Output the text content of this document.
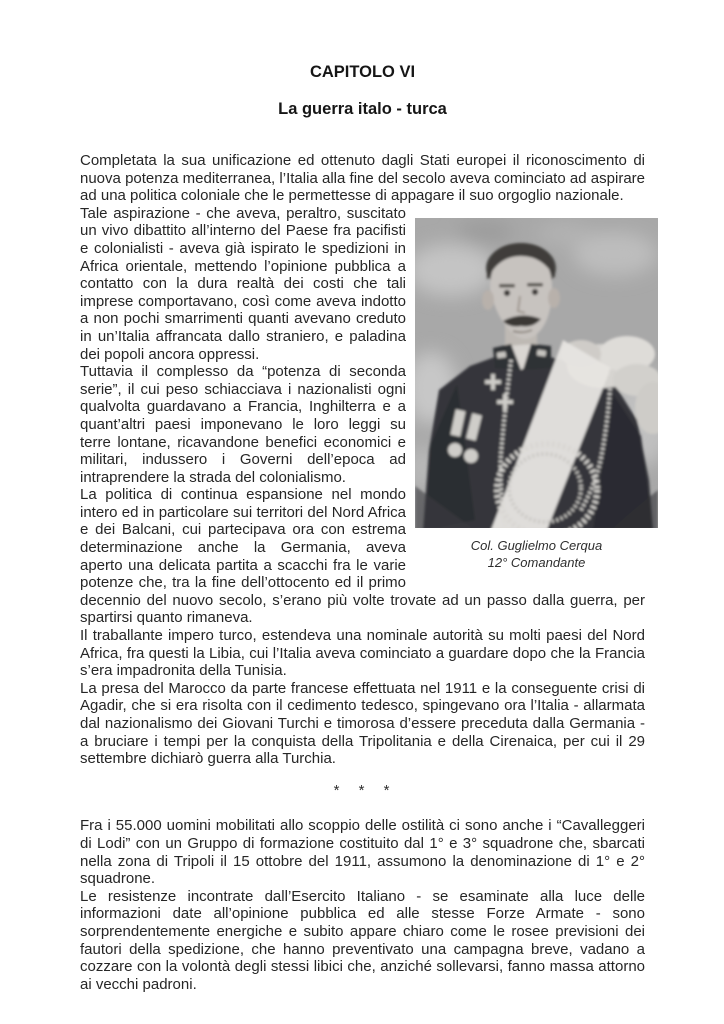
CAPITOLO VI
La guerra italo - turca

Completata la sua unificazione ed ottenuto dagli Stati europei il riconoscimento di nuova potenza mediterranea, l’Italia alla fine del secolo aveva cominciato ad aspirare ad una politica coloniale che le permettesse di appagare il suo orgoglio nazionale.

Col. Guglielmo Cerqua
12° Comandante

Tale aspirazione - che aveva, peraltro, suscitato un vivo dibattito all’interno del Paese fra pacifisti e colonialisti - aveva già ispirato le spedizioni in Africa orientale, mettendo l’opinione pubblica a contatto con la dura realtà dei costi che tali imprese comportavano, così come aveva indotto a non pochi smarrimenti quanti avevano creduto in un’Italia affrancata dallo straniero, e paladina dei popoli ancora oppressi.

Tuttavia il complesso da “potenza di seconda serie”, il cui peso schiacciava i nazionalisti ogni qualvolta guardavano a Francia, Inghilterra e a quant’altri paesi imponevano le loro leggi su terre lontane, ricavandone benefici economici e militari, indussero i Governi dell’epoca ad intraprendere la strada del colonialismo.

La politica di continua espansione nel mondo intero ed in particolare sui territori del Nord Africa e dei Balcani, cui partecipava ora con estrema determinazione anche la Germania, aveva aperto una delicata partita a scacchi fra le varie potenze che, tra la fine dell’ottocento ed il primo decennio del nuovo secolo, s’erano più volte trovate ad un passo dalla guerra, per spartirsi quanto rimaneva.

Il traballante impero turco, estendeva una nominale autorità su molti paesi del Nord Africa, fra questi la Libia, cui l’Italia aveva cominciato a guardare dopo che la Francia s’era impadronita della Tunisia.

La presa del Marocco da parte francese effettuata nel 1911 e la conseguente crisi di Agadir, che si era risolta con il cedimento tedesco, spingevano ora l’Italia - allarmata dal nazionalismo dei Giovani Turchi e timorosa d’essere preceduta dalla Germania - a bruciare i tempi per la conquista della Tripolitania e della Cirenaica, per cui il 29 settembre dichiarò guerra alla Turchia.

* * *

Fra i 55.000 uomini mobilitati allo scoppio delle ostilità ci sono anche i “Cavalleggeri di Lodi” con un Gruppo di formazione costituito dal 1° e 3° squadrone che, sbarcati nella zona di Tripoli il 15 ottobre del 1911, assumono la denominazione di 1° e 2° squadrone.

Le resistenze incontrate dall’Esercito Italiano - se esaminate alla luce delle informazioni date all’opinione pubblica ed alle stesse Forze Armate - sono sorprendentemente energiche e subito appare chiaro come le rosee previsioni dei fautori della spedizione, che hanno preventivato una campagna breve, vadano a cozzare con la volontà degli stessi libici che, anziché sollevarsi, fanno massa attorno ai vecchi padroni.
